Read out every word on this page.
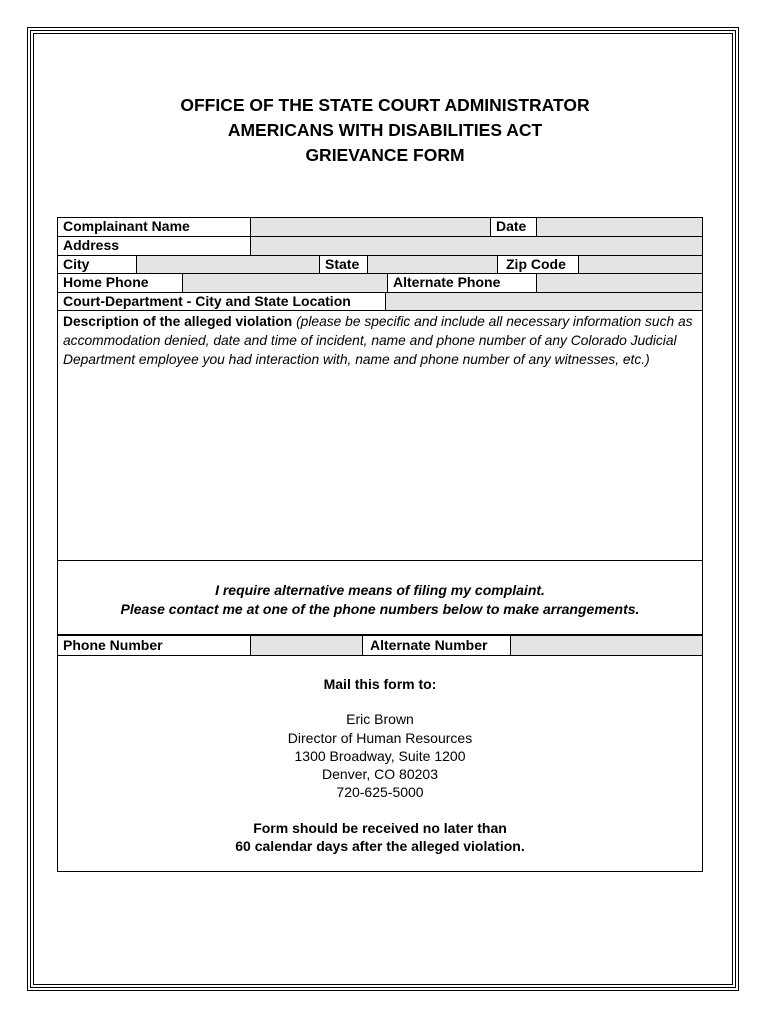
OFFICE OF THE STATE COURT ADMINISTRATOR
AMERICANS WITH DISABILITIES ACT
GRIEVANCE FORM
Complainant Name	Date
Address
City	State	Zip Code
Home Phone	Alternate Phone
Court-Department - City and State Location
Description of the alleged violation (please be specific and include all necessary information such as accommodation denied, date and time of incident, name and phone number of any Colorado Judicial Department employee you had interaction with, name and phone number of any witnesses, etc.)
I require alternative means of filing my complaint.
Please contact me at one of the phone numbers below to make arrangements.
Phone Number	Alternate Number
Mail this form to:
Eric Brown
Director of Human Resources
1300 Broadway, Suite 1200
Denver, CO 80203
720-625-5000
Form should be received no later than
60 calendar days after the alleged violation.
